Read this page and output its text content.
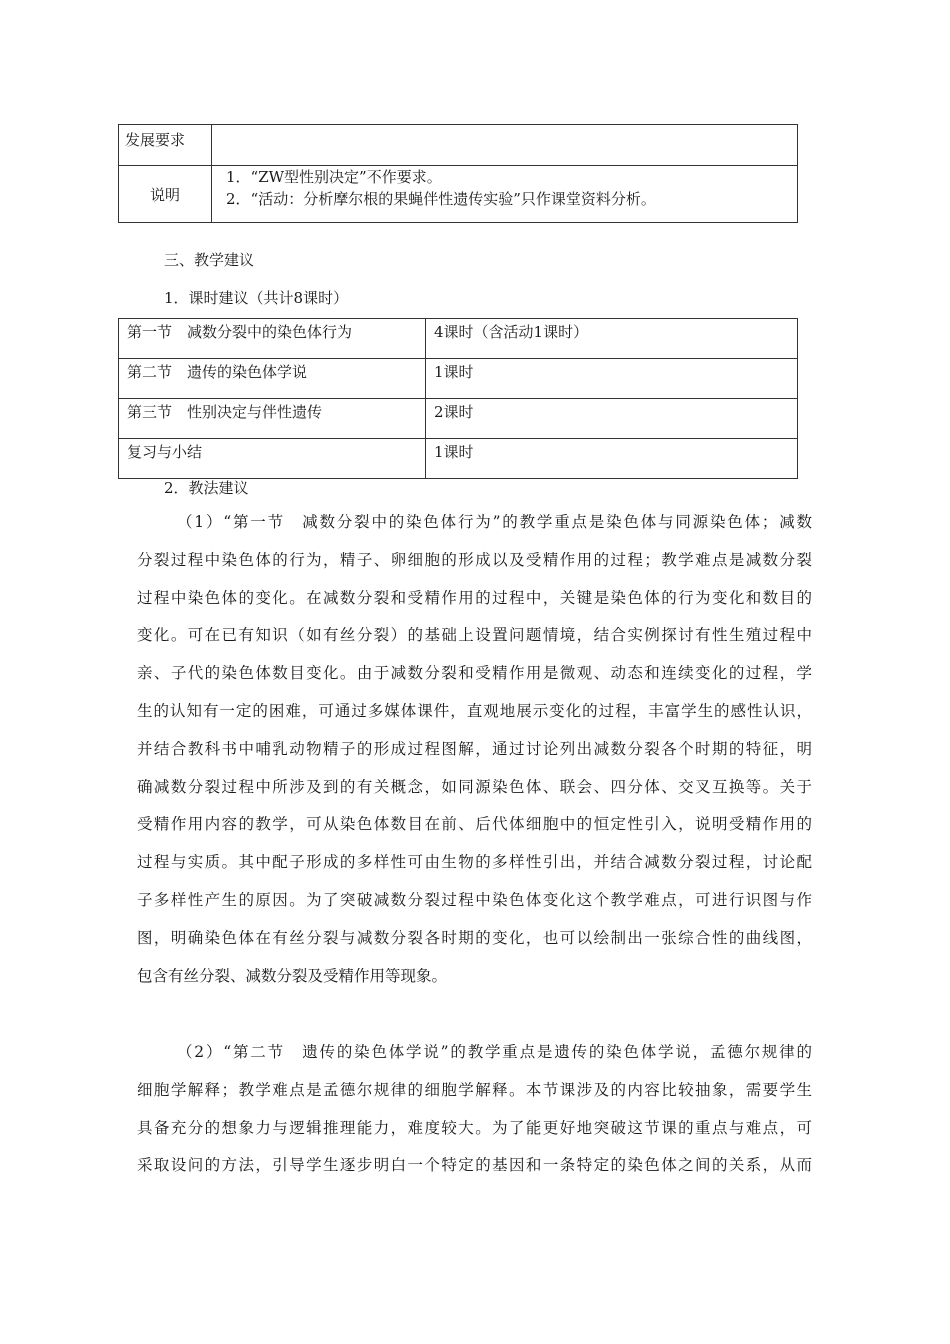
发展要求	
说明	1．“ZW型性别决定”不作要求。
2．“活动：分析摩尔根的果蝇伴性遗传实验”只作课堂资料分析。
三、教学建议
1．课时建议（共计8课时）
第一节　减数分裂中的染色体行为	4课时（含活动1课时）
第二节　遗传的染色体学说	1课时
第三节　性别决定与伴性遗传	2课时
复习与小结	1课时
2．教法建议
（1）“第一节　减数分裂中的染色体行为”的教学重点是染色体与同源染色体；减数
分裂过程中染色体的行为，精子、卵细胞的形成以及受精作用的过程；教学难点是减数分裂
过程中染色体的变化。在减数分裂和受精作用的过程中，关键是染色体的行为变化和数目的
变化。可在已有知识（如有丝分裂）的基础上设置问题情境，结合实例探讨有性生殖过程中
亲、子代的染色体数目变化。由于减数分裂和受精作用是微观、动态和连续变化的过程，学
生的认知有一定的困难，可通过多媒体课件，直观地展示变化的过程，丰富学生的感性认识，
并结合教科书中哺乳动物精子的形成过程图解，通过讨论列出减数分裂各个时期的特征，明
确减数分裂过程中所涉及到的有关概念，如同源染色体、联会、四分体、交叉互换等。关于
受精作用内容的教学，可从染色体数目在前、后代体细胞中的恒定性引入，说明受精作用的
过程与实质。其中配子形成的多样性可由生物的多样性引出，并结合减数分裂过程，讨论配
子多样性产生的原因。为了突破减数分裂过程中染色体变化这个教学难点，可进行识图与作
图，明确染色体在有丝分裂与减数分裂各时期的变化，也可以绘制出一张综合性的曲线图，
包含有丝分裂、减数分裂及受精作用等现象。
（2）“第二节　遗传的染色体学说”的教学重点是遗传的染色体学说，孟德尔规律的
细胞学解释；教学难点是孟德尔规律的细胞学解释。本节课涉及的内容比较抽象，需要学生
具备充分的想象力与逻辑推理能力，难度较大。为了能更好地突破这节课的重点与难点，可
采取设问的方法，引导学生逐步明白一个特定的基因和一条特定的染色体之间的关系，从而
